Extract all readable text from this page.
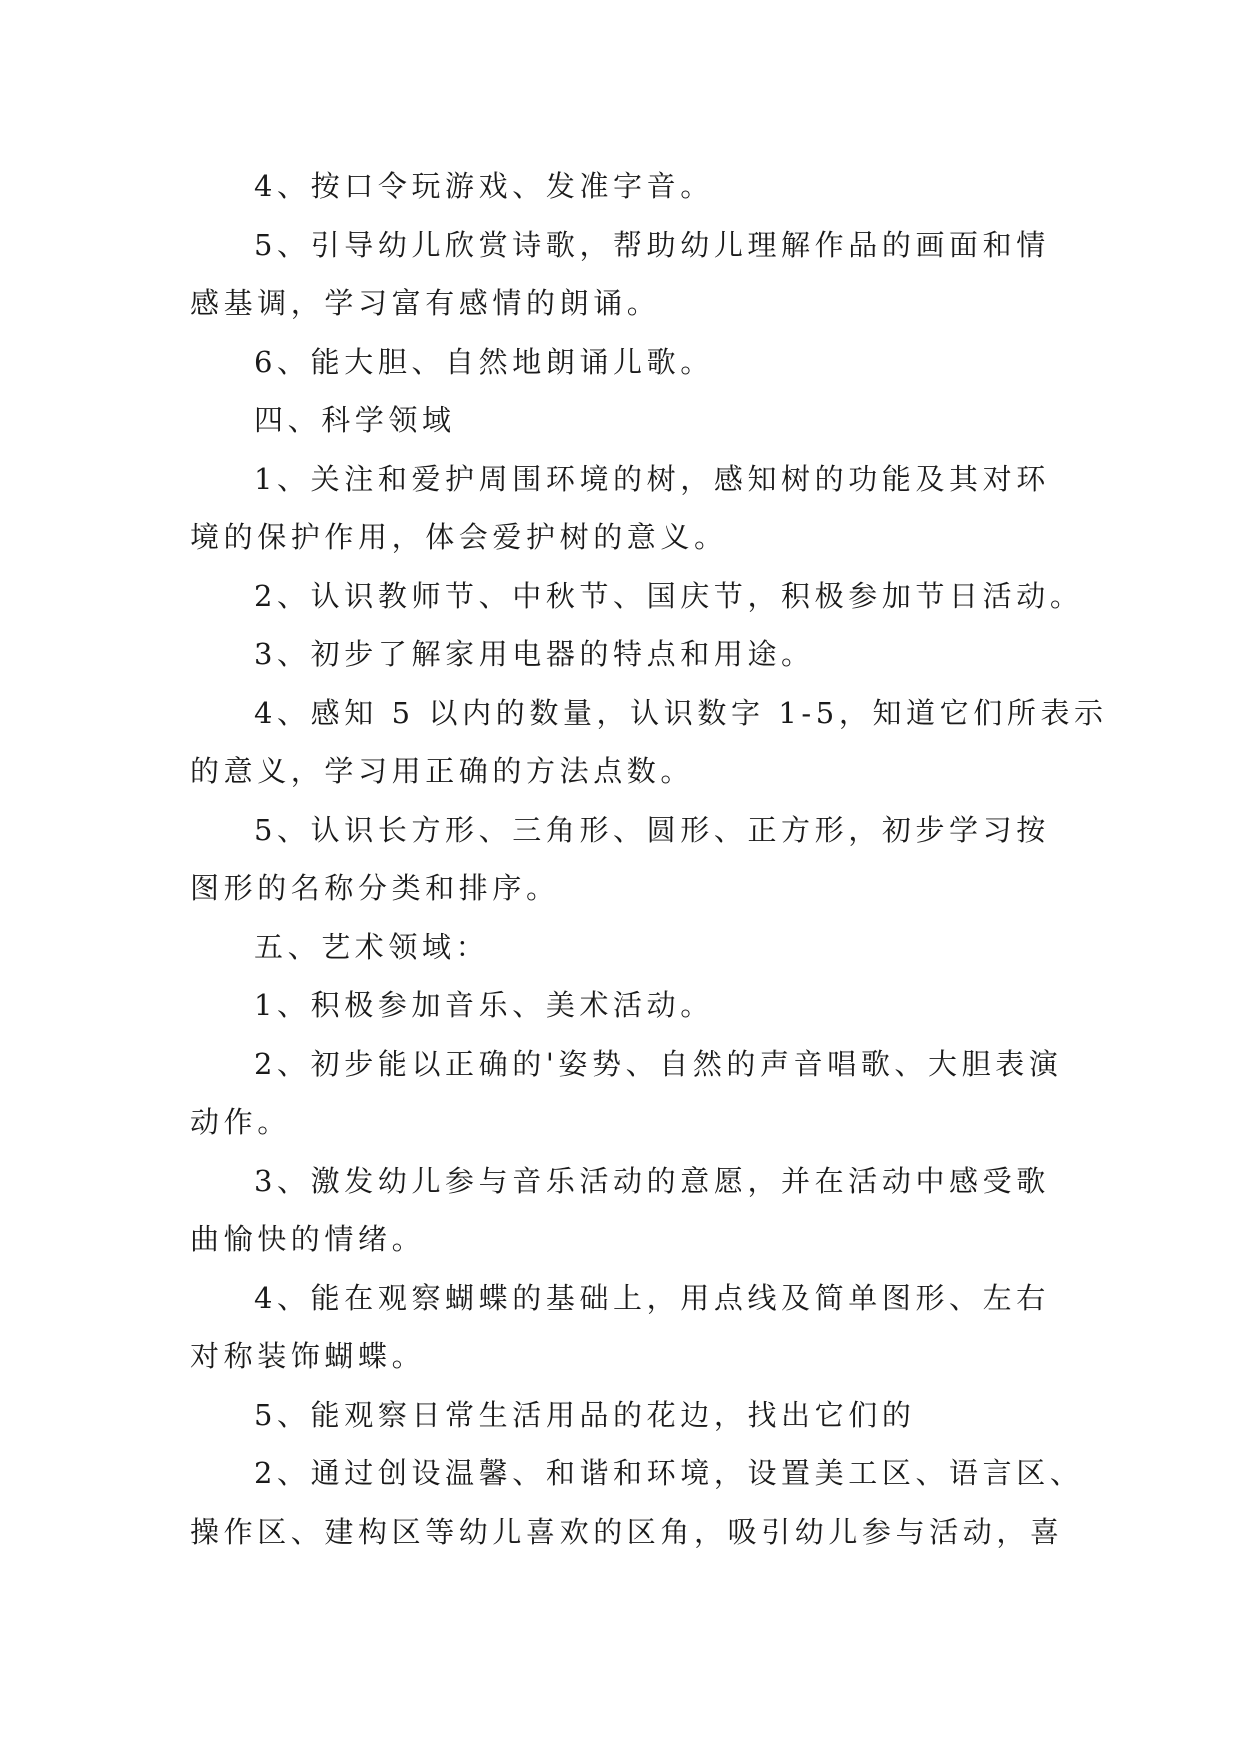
4、按口令玩游戏、发准字音。
5、引导幼儿欣赏诗歌，帮助幼儿理解作品的画面和情
感基调，学习富有感情的朗诵。
6、能大胆、自然地朗诵儿歌。
四、科学领域
1、关注和爱护周围环境的树，感知树的功能及其对环
境的保护作用，体会爱护树的意义。
2、认识教师节、中秋节、国庆节，积极参加节日活动。
3、初步了解家用电器的特点和用途。
4、感知 5 以内的数量，认识数字 1-5，知道它们所表示
的意义，学习用正确的方法点数。
5、认识长方形、三角形、圆形、正方形，初步学习按
图形的名称分类和排序。
五、艺术领域：
1、积极参加音乐、美术活动。
2、初步能以正确的'姿势、自然的声音唱歌、大胆表演
动作。
3、激发幼儿参与音乐活动的意愿，并在活动中感受歌
曲愉快的情绪。
4、能在观察蝴蝶的基础上，用点线及简单图形、左右
对称装饰蝴蝶。
5、能观察日常生活用品的花边，找出它们的
2、通过创设温馨、和谐和环境，设置美工区、语言区、
操作区、建构区等幼儿喜欢的区角，吸引幼儿参与活动，喜
